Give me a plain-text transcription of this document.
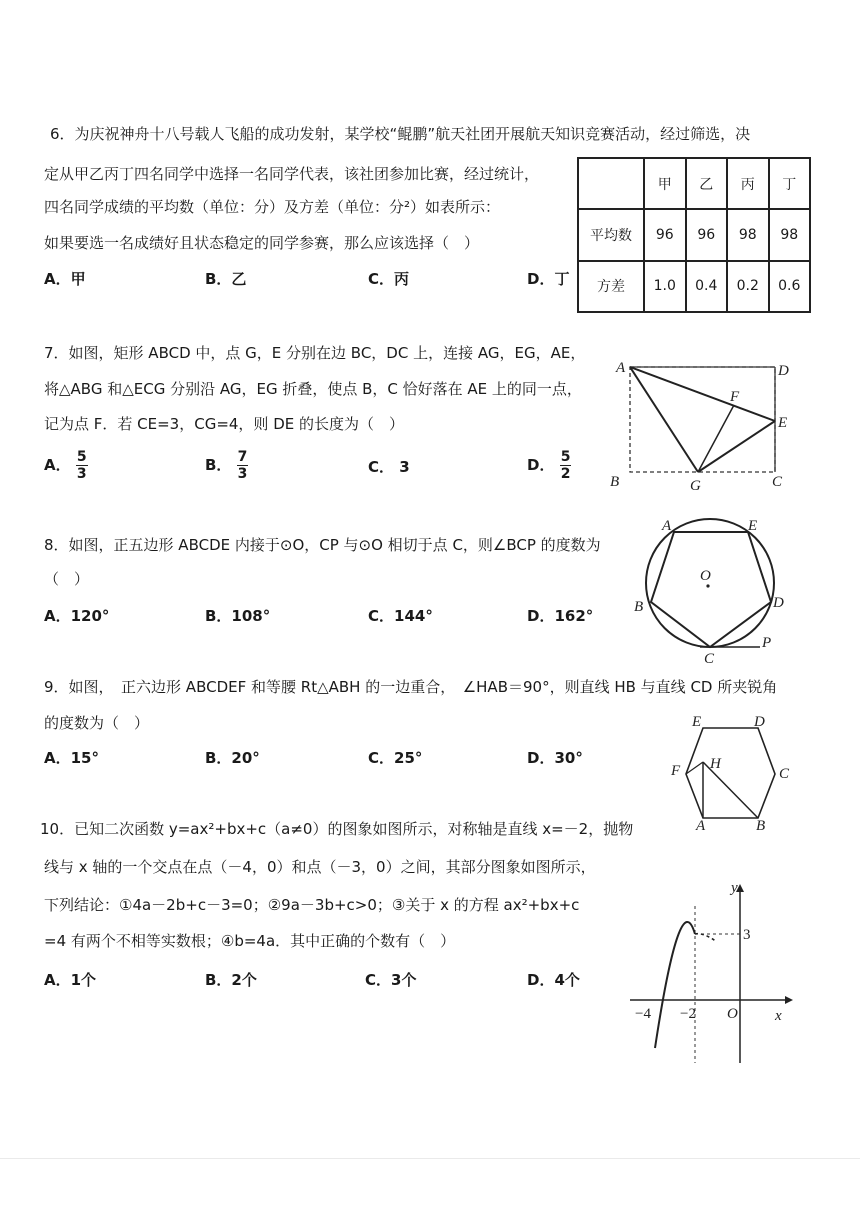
6．为庆祝神舟十八号载人飞船的成功发射，某学校“鲲鹏”航天社团开展航天知识竞赛活动，经过筛选，决
定从甲乙丙丁四名同学中选择一名同学代表，该社团参加比赛，经过统计，
四名同学成绩的平均数（单位：分）及方差（单位：分²）如表所示：
如果要选一名成绩好且状态稳定的同学参赛，那么应该选择（　）
A．甲	B．乙	C．丙	D．丁
	甲	乙	丙	丁
平均数	96	96	98	98
方差	1.0	0.4	0.2	0.6
7．如图，矩形 ABCD 中，点 G，E 分别在边 BC，DC 上，连接 AG，EG，AE，
将△ABG 和△ECG 分别沿 AG，EG 折叠，使点 B，C 恰好落在 AE 上的同一点，
记为点 F．若 CE=3，CG=4，则 DE 的长度为（　）
A． $\frac{5}{3}$	B． $\frac{7}{3}$	C． 3	D． $\frac{5}{2}$
A
B	C
D
E
F
G
8．如图，正五边形 ABCDE 内接于⊙O，CP 与⊙O 相切于点 C，则∠BCP 的度数为
（　）
A．120°	B．108°	C．144°	D．162°
A	E
O
B	D
C
P
9．如图，　正六边形 ABCDEF 和等腰 Rt△ABH 的一边重合，　∠HAB＝90°，则直线 HB 与直线 CD 所夹锐角
的度数为（　）
A．15°	B．20°	C．25°	D．30°
E	D
C
F H
A	B
10．已知二次函数 y=ax²+bx+c（a≠0）的图象如图所示，对称轴是直线 x=－2，抛物
线与 x 轴的一个交点在点（－4，0）和点（－3，0）之间，其部分图象如图所示，
下列结论：①4a－2b+c－3=0；②9a－3b+c>0；③关于 x 的方程 ax²+bx+c
=4 有两个不相等实数根；④b=4a．其中正确的个数有（　）
A．1个	B．2个	C．3个	D．4个
y
x
O
−4 −2
3
